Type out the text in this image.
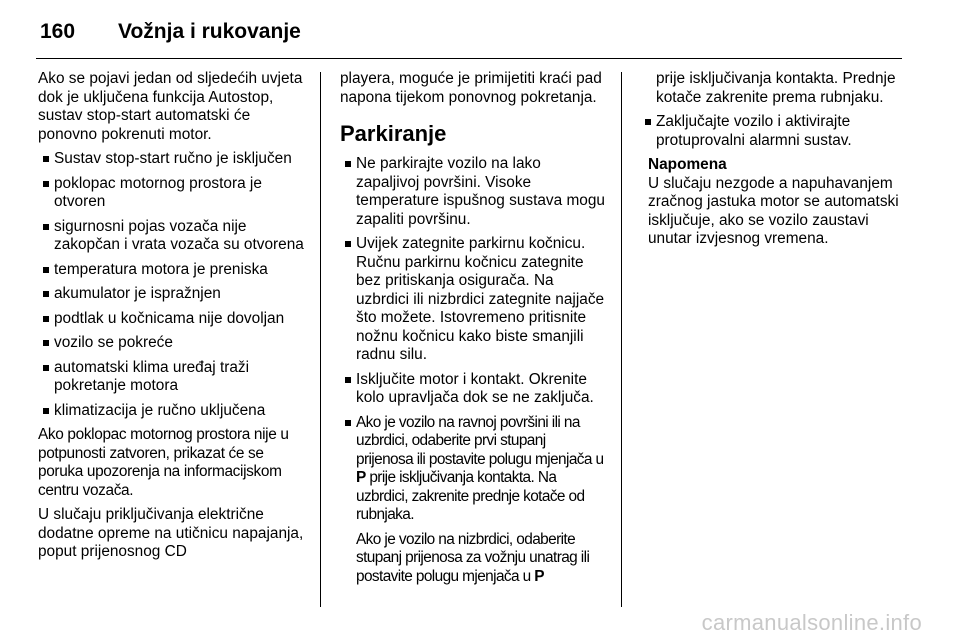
160 Vožnja i rukovanje

Ako se pojavi jedan od sljedećih uvjeta dok je uključena funkcija Autostop, sustav stop-start automatski će ponovno pokrenuti motor.

Sustav stop-start ručno je isključen
poklopac motornog prostora je otvoren
sigurnosni pojas vozača nije zakopčan i vrata vozača su otvorena
temperatura motora je preniska
akumulator je ispražnjen
podtlak u kočnicama nije dovoljan
vozilo se pokreće
automatski klima uređaj traži pokretanje motora
klimatizacija je ručno uključena

Ako poklopac motornog prostora nije u potpunosti zatvoren, prikazat će se poruka upozorenja na informacijskom centru vozača.

U slučaju priključivanja električne dodatne opreme na utičnicu napajanja, poput prijenosnog CD

playera, moguće je primijetiti kraći pad napona tijekom ponovnog pokretanja.

Parkiranje
Ne parkirajte vozilo na lako zapaljivoj površini. Visoke temperature ispušnog sustava mogu zapaliti površinu.
Uvijek zategnite parkirnu kočnicu. Ručnu parkirnu kočnicu zategnite bez pritiskanja osigurača. Na uzbrdici ili nizbrdici zategnite najjače što možete. Istovremeno pritisnite nožnu kočnicu kako biste smanjili radnu silu.
Isključite motor i kontakt. Okrenite kolo upravljača dok se ne zaključa.
Ako je vozilo na ravnoj površini ili na uzbrdici, odaberite prvi stupanj prijenosa ili postavite polugu mjenjača u P prije isključivanja kontakta. Na uzbrdici, zakrenite prednje kotače od rubnjaka.
Ako je vozilo na nizbrdici, odaberite stupanj prijenosa za vožnju unatrag ili postavite polugu mjenjača u P

prije isključivanja kontakta. Prednje kotače zakrenite prema rubnjaku.

Zaključajte vozilo i aktivirajte protuprovalni alarmni sustav.
Napomena
U slučaju nezgode a napuhavanjem zračnog jastuka motor se automatski isključuje, ako se vozilo zaustavi unutar izvjesnog vremena.
carmanualsonline.info
